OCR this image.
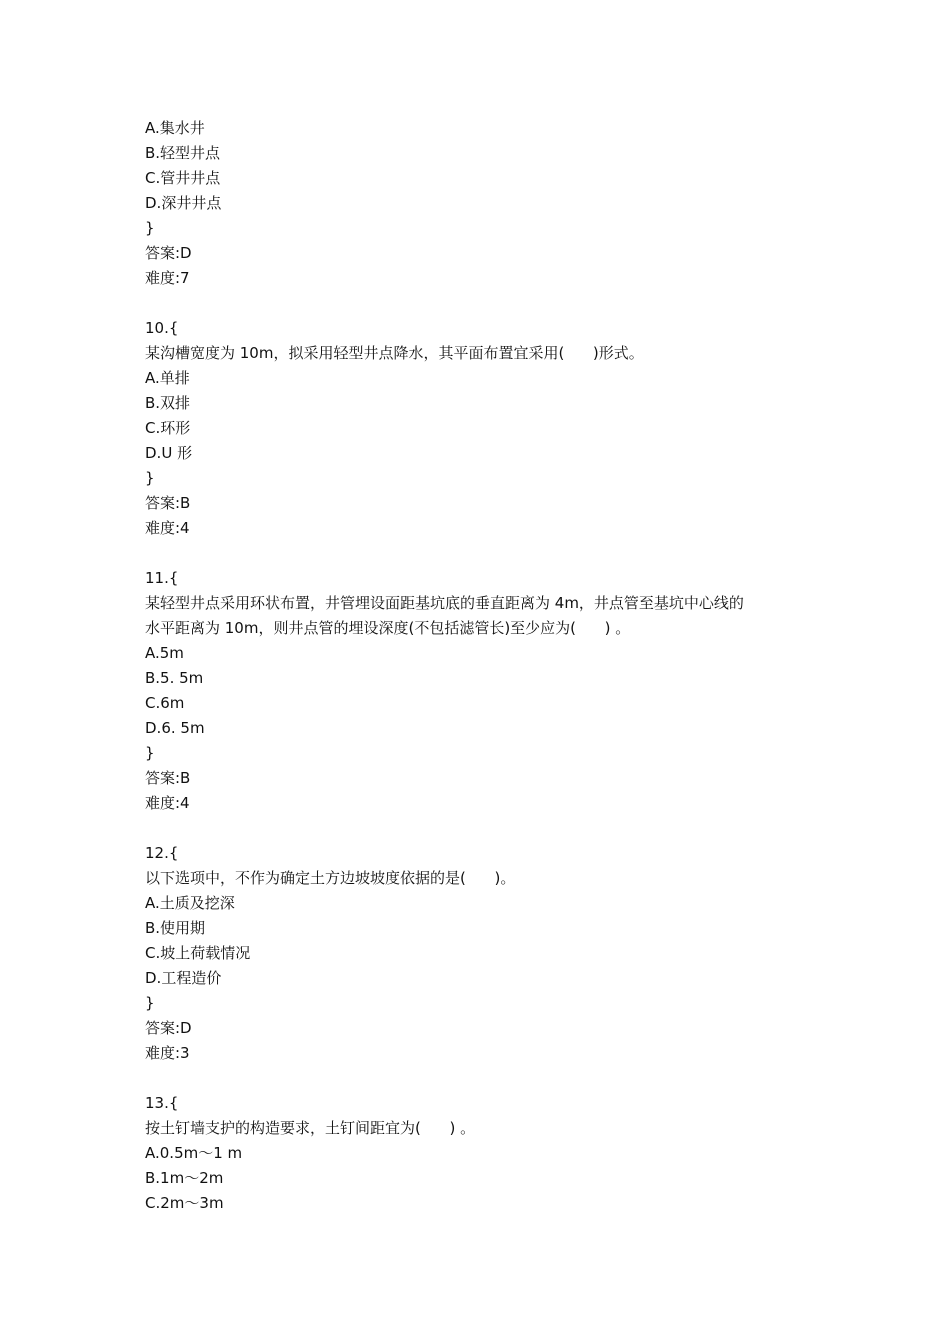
A.集水井
B.轻型井点
C.管井井点
D.深井井点
}
答案:D
难度:7
10.{
某沟槽宽度为 10m，拟采用轻型井点降水，其平面布置宜采用(      )形式。
A.单排
B.双排
C.环形
D.U 形
}
答案:B
难度:4
11.{
某轻型井点采用环状布置，井管埋设面距基坑底的垂直距离为 4m，井点管至基坑中心线的
水平距离为 10m，则井点管的埋设深度(不包括滤管长)至少应为(      ) 。
A.5m
B.5. 5m
C.6m
D.6. 5m
}
答案:B
难度:4
12.{
以下选项中，不作为确定土方边坡坡度依据的是(      )。
A.土质及挖深
B.使用期
C.坡上荷载情况
D.工程造价
}
答案:D
难度:3
13.{
按土钉墙支护的构造要求，土钉间距宜为(      ) 。
A.0.5m～1 m
B.1m～2m
C.2m～3m
